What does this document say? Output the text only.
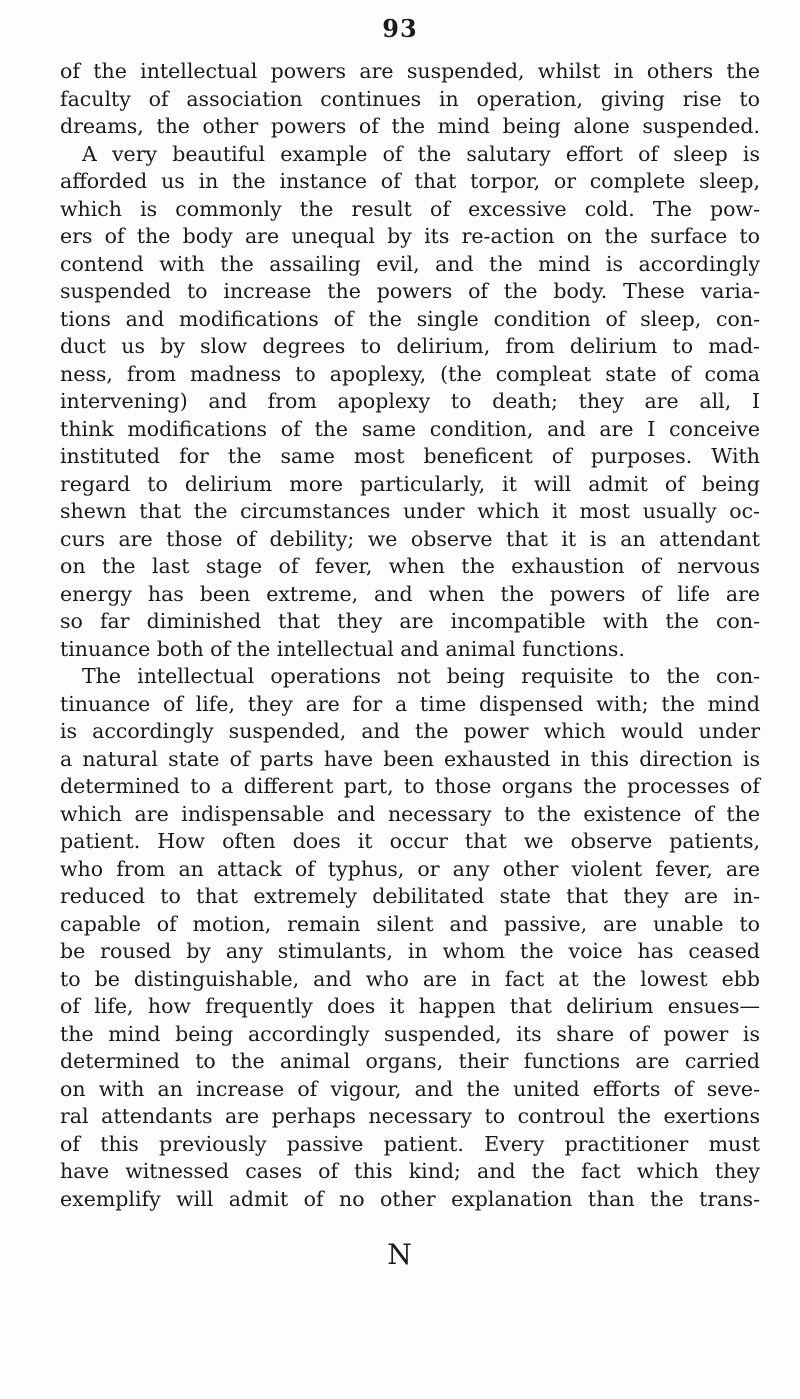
93
of the intellectual powers are suspended, whilst in others the
faculty of association continues in operation, giving rise to
dreams, the other powers of the mind being alone suspended.
A very beautiful example of the salutary effort of sleep is
afforded us in the instance of that torpor, or complete sleep,
which is commonly the result of excessive cold. The pow-
ers of the body are unequal by its re-action on the surface to
contend with the assailing evil, and the mind is accordingly
suspended to increase the powers of the body. These varia-
tions and modifications of the single condition of sleep, con-
duct us by slow degrees to delirium, from delirium to mad-
ness, from madness to apoplexy, (the compleat state of coma
intervening) and from apoplexy to death; they are all, I
think modifications of the same condition, and are I conceive
instituted for the same most beneficent of purposes. With
regard to delirium more particularly, it will admit of being
shewn that the circumstances under which it most usually oc-
curs are those of debility; we observe that it is an attendant
on the last stage of fever, when the exhaustion of nervous
energy has been extreme, and when the powers of life are
so far diminished that they are incompatible with the con-
tinuance both of the intellectual and animal functions.
The intellectual operations not being requisite to the con-
tinuance of life, they are for a time dispensed with; the mind
is accordingly suspended, and the power which would under
a natural state of parts have been exhausted in this direction is
determined to a different part, to those organs the processes of
which are indispensable and necessary to the existence of the
patient. How often does it occur that we observe patients,
who from an attack of typhus, or any other violent fever, are
reduced to that extremely debilitated state that they are in-
capable of motion, remain silent and passive, are unable to
be roused by any stimulants, in whom the voice has ceased
to be distinguishable, and who are in fact at the lowest ebb
of life, how frequently does it happen that delirium ensues—
the mind being accordingly suspended, its share of power is
determined to the animal organs, their functions are carried
on with an increase of vigour, and the united efforts of seve-
ral attendants are perhaps necessary to controul the exertions
of this previously passive patient. Every practitioner must
have witnessed cases of this kind; and the fact which they
exemplify will admit of no other explanation than the trans-
N
